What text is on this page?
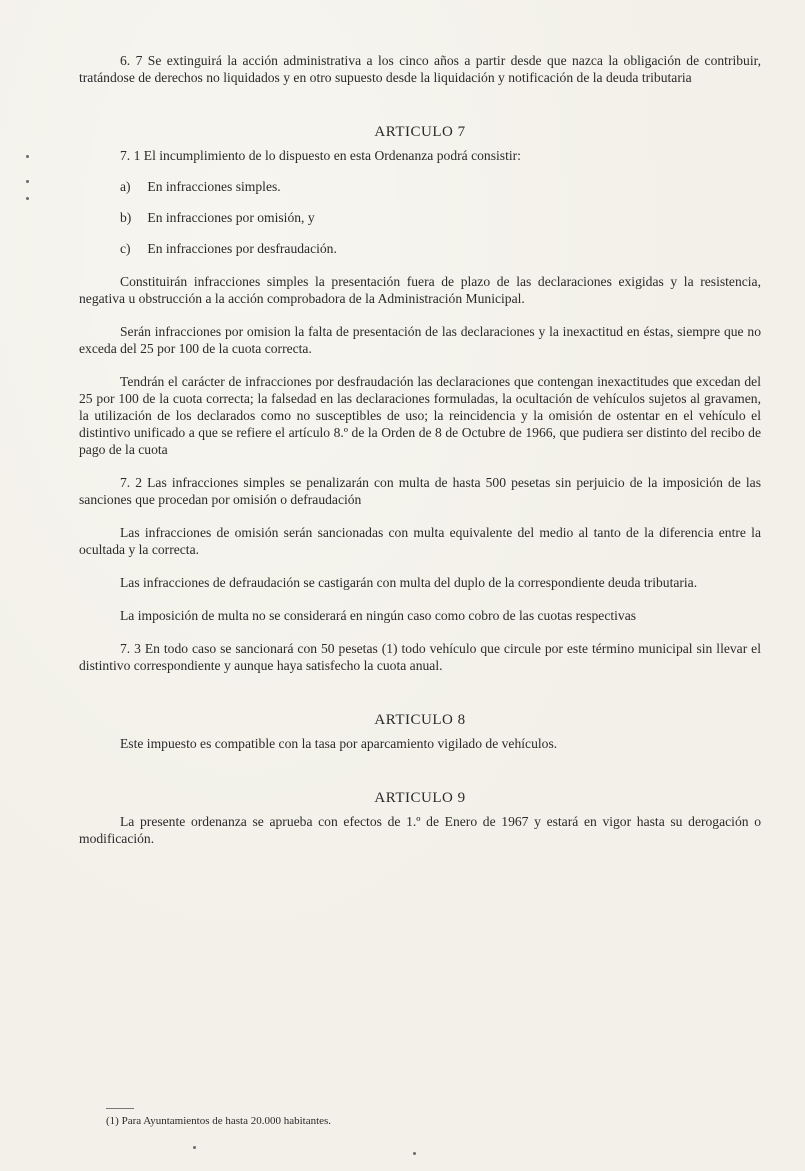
6. 7 Se extinguirá la acción administrativa a los cinco años a partir desde que nazca la obligación de contribuir, tratándose de derechos no liquidados y en otro supuesto desde la liquidación y notificación de la deuda tributaria

ARTICULO 7

7. 1 El incumplimiento de lo dispuesto en esta Ordenanza podrá consistir:

a) En infracciones simples.
b) En infracciones por omisión, y
c) En infracciones por desfraudación.

Constituirán infracciones simples la presentación fuera de plazo de las declaraciones exigidas y la resistencia, negativa u obstrucción a la acción comprobadora de la Administración Municipal.

Serán infracciones por omision la falta de presentación de las declaraciones y la inexactitud en éstas, siempre que no exceda del 25 por 100 de la cuota correcta.

Tendrán el carácter de infracciones por desfraudación las declaraciones que contengan inexactitudes que excedan del 25 por 100 de la cuota correcta; la falsedad en las declaraciones formuladas, la ocultación de vehículos sujetos al gravamen, la utilización de los declarados como no susceptibles de uso; la reincidencia y la omisión de ostentar en el vehículo el distintivo unificado a que se refiere el artículo 8.º de la Orden de 8 de Octubre de 1966, que pudiera ser distinto del recibo de pago de la cuota

7. 2 Las infracciones simples se penalizarán con multa de hasta 500 pesetas sin perjuicio de la imposición de las sanciones que procedan por omisión o defraudación

Las infracciones de omisión serán sancionadas con multa equivalente del medio al tanto de la diferencia entre la ocultada y la correcta.

Las infracciones de defraudación se castigarán con multa del duplo de la correspondiente deuda tributaria.

La imposición de multa no se considerará en ningún caso como cobro de las cuotas respectivas

7. 3 En todo caso se sancionará con 50 pesetas (1) todo vehículo que circule por este término municipal sin llevar el distintivo correspondiente y aunque haya satisfecho la cuota anual.

ARTICULO 8

Este impuesto es compatible con la tasa por aparcamiento vigilado de vehículos.

ARTICULO 9

La presente ordenanza se aprueba con efectos de 1.º de Enero de 1967 y estará en vigor hasta su derogación o modificación.

(1) Para Ayuntamientos de hasta 20.000 habitantes.
